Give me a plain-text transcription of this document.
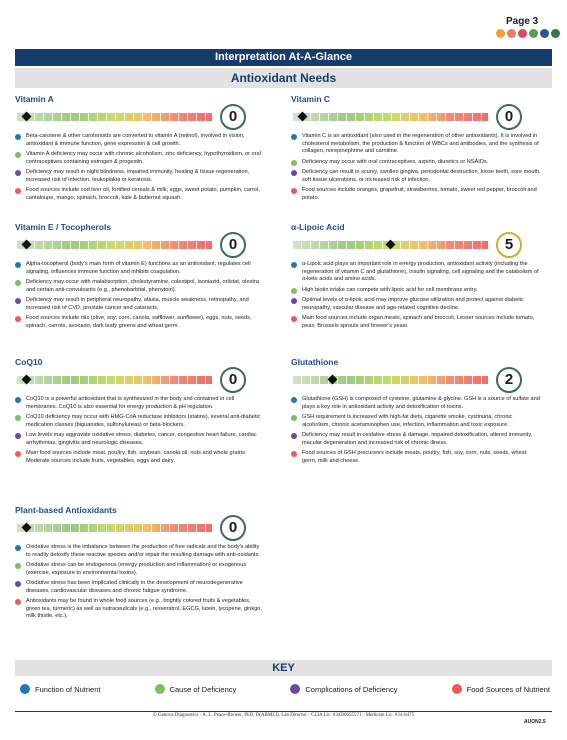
Page 3
Interpretation At-A-Glance
Antioxidant Needs
Vitamin A
0
Beta-carotene & other carotenoids are converted to vitamin A (retinol), involved in vision, antioxidant & immune function, gene expression & cell growth.
Vitamin A deficiency may occur with chronic alcoholism, zinc deficiency, hypothyroidism, or oral contraceptives containing estrogen & progestin.
Deficiency may result in night blindness, impaired immunity, healing & tissue regeneration, increased risk of infection, leukoplakia or keratosis.
Food sources include cod liver oil, fortified cereals & milk, eggs, sweet potato, pumpkin, carrot, cantaloupe, mango, spinach, broccoli, kale & butternut squash.
Vitamin C
0
Vitamin C is an antioxidant (also used in the regeneration of other antioxidants). It is involved in cholesterol metabolism, the production & function of WBCs and antibodies, and the synthesis of collagen, norepinephrine and carnitine.
Deficiency may occur with oral contraceptives, aspirin, diuretics or NSAIDs.
Deficiency can result in scurvy, swollen gingiva, periodontal destruction, loose teeth, sore mouth, soft tissue ulcerations, or increased risk of infection.
Food sources include oranges, grapefruit, strawberries, tomato, sweet red pepper, broccoli and potato.
Vitamin E / Tocopherols
0
Alpha-tocopherol (body's main form of vitamin E) functions as an antioxidant, regulates cell signaling, influences immune function and inhibits coagulation.
Deficiency may occur with malabsorption, cholestyramine, colestipol, isoniazid, orlistat, olestra and certain anti-convulsants (e.g., phenobarbital, phenytoin).
Deficiency may result in peripheral neuropathy, ataxia, muscle weakness, retinopathy, and increased risk of CVD, prostate cancer and cataracts.
Food sources include oils (olive, soy, corn, canola, safflower, sunflower), eggs, nuts, seeds, spinach, carrots, avocado, dark leafy greens and wheat germ.
α-Lipoic Acid
5
α-Lipoic acid plays an important role in energy production, antioxidant activity (including the regeneration of vitamin C and glutathione), insulin signaling, cell signaling and the catabolism of α-keto acids and amino acids.
High biotin intake can compete with lipoic acid for cell membrane entry.
Optimal levels of α-lipoic acid may improve glucose utilization and protect against diabetic neuropathy, vascular disease and age-related cognitive decline.
Main food sources include organ meats, spinach and broccoli. Lesser sources include tomato, peas, Brussels sprouts and brewer's yeast.
CoQ10
0
CoQ10 is a powerful antioxidant that is synthesized in the body and contained in cell membranes. CoQ10 is also essential for energy production & pH regulation.
CoQ10 deficiency may occur with HMG-CoA reductase inhibitors (statins), several anti-diabetic medication classes (biguanides, sulfonylureas) or beta-blockers.
Low levels may aggravate oxidative stress, diabetes, cancer, congestive heart failure, cardiac arrhythmias, gingivitis and neurologic diseases.
Main food sources include meat, poultry, fish, soybean, canola oil, nuts and whole grains. Moderate sources include fruits, vegetables, eggs and dairy.
Glutathione
2
Glutathione (GSH) is composed of cysteine, glutamine & glycine. GSH is a source of sulfate and plays a key role in antioxidant activity and detoxification of toxins.
GSH requirement is increased with high-fat diets, cigarette smoke, cystinuria, chronic alcoholism, chronic acetaminophen use, infection, inflammation and toxic exposure.
Deficiency may result in oxidative stress & damage, impaired detoxification, altered immunity, macular degeneration and increased risk of chronic illness.
Food sources of GSH precursors include meats, poultry, fish, soy, corn, nuts, seeds, wheat germ, milk and cheese.
Plant-based Antioxidants
0
Oxidative stress is the imbalance between the production of free radicals and the body's ability to readily detoxify these reactive species and/or repair the resulting damage with anti-oxidants.
Oxidative stress can be endogenous (energy production and inflammation) or exogenous (exercise, exposure to environmental toxins).
Oxidative stress has been implicated clinically in the development of neurodegenerative diseases, cardiovascular diseases and chronic fatigue syndrome.
Antioxidants may be found in whole food sources (e.g., brightly colored fruits & vegetables, green tea, turmeric) as well as nutraceuticals (e.g., resveratrol, EGCG, lutein, lycopene, ginkgo, milk thistle, etc.).
KEY
Function of Nutrient	Cause of Deficiency	Complications of Deficiency	Food Sources of Nutrient
© Genova Diagnostics · A. L. Peace-Brewer, PhD, D(ABMLI), Lab Director · CLIA Lic. #34D0655571 · Medicare Lic. #34-8475
AUON2.5
